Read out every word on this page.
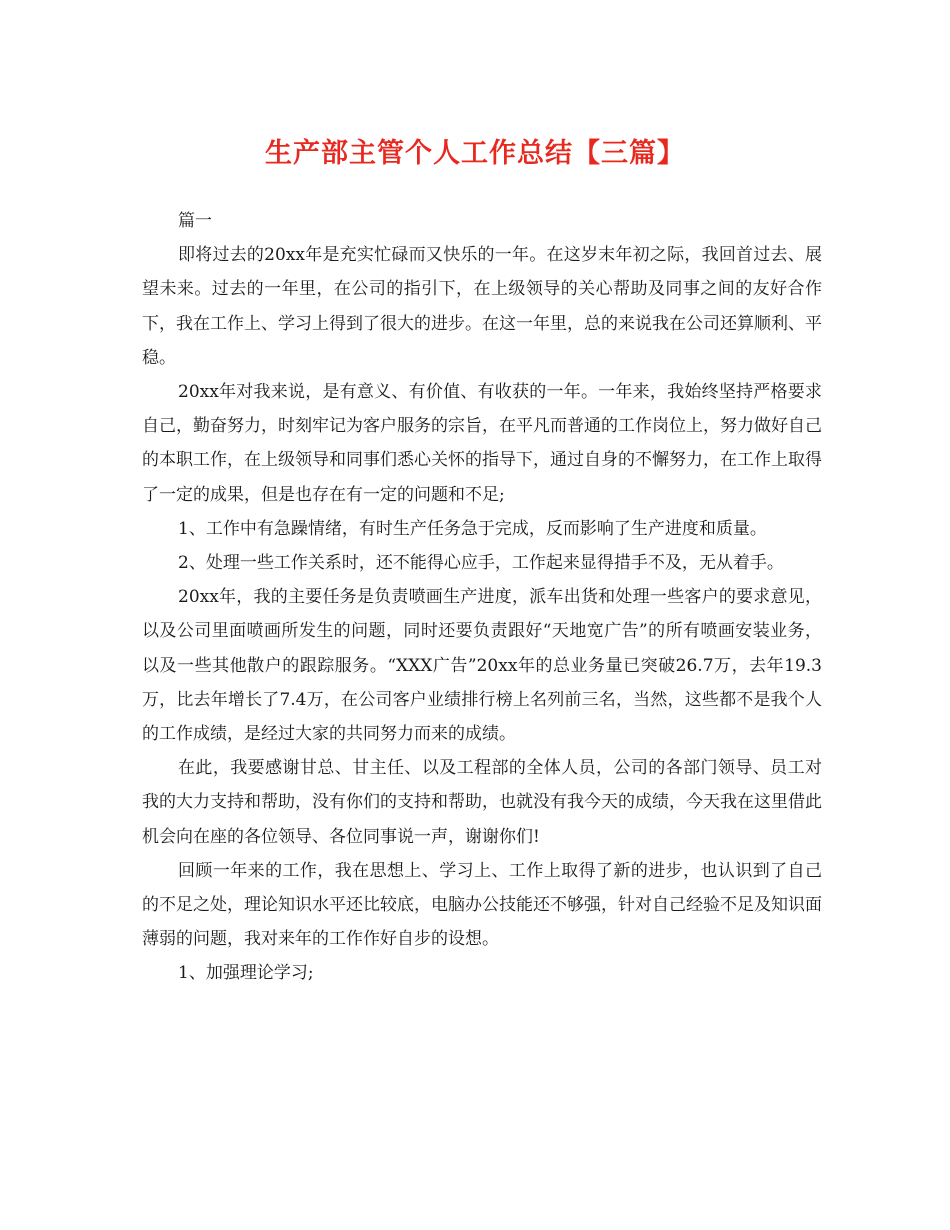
生产部主管个人工作总结【三篇】

篇一

即将过去的20xx年是充实忙碌而又快乐的一年。在这岁末年初之际，我回首过去、展望未来。过去的一年里，在公司的指引下，在上级领导的关心帮助及同事之间的友好合作下，我在工作上、学习上得到了很大的进步。在这一年里，总的来说我在公司还算顺利、平稳。

20xx年对我来说，是有意义、有价值、有收获的一年。一年来，我始终坚持严格要求自己，勤奋努力，时刻牢记为客户服务的宗旨，在平凡而普通的工作岗位上，努力做好自己的本职工作，在上级领导和同事们悉心关怀的指导下，通过自身的不懈努力，在工作上取得了一定的成果，但是也存在有一定的问题和不足;

1、工作中有急躁情绪，有时生产任务急于完成，反而影响了生产进度和质量。

2、处理一些工作关系时，还不能得心应手，工作起来显得措手不及，无从着手。

20xx年，我的主要任务是负责喷画生产进度，派车出货和处理一些客户的要求意见，以及公司里面喷画所发生的问题，同时还要负责跟好“天地宽广告”的所有喷画安装业务，以及一些其他散户的跟踪服务。“XXX广告”20xx年的总业务量已突破26.7万，去年19.3万，比去年增长了7.4万，在公司客户业绩排行榜上名列前三名，当然，这些都不是我个人的工作成绩，是经过大家的共同努力而来的成绩。

在此，我要感谢甘总、甘主任、以及工程部的全体人员，公司的各部门领导、员工对我的大力支持和帮助，没有你们的支持和帮助，也就没有我今天的成绩，今天我在这里借此机会向在座的各位领导、各位同事说一声，谢谢你们!

回顾一年来的工作，我在思想上、学习上、工作上取得了新的进步，也认识到了自己的不足之处，理论知识水平还比较底，电脑办公技能还不够强，针对自己经验不足及知识面薄弱的问题，我对来年的工作作好自步的设想。

1、加强理论学习;
